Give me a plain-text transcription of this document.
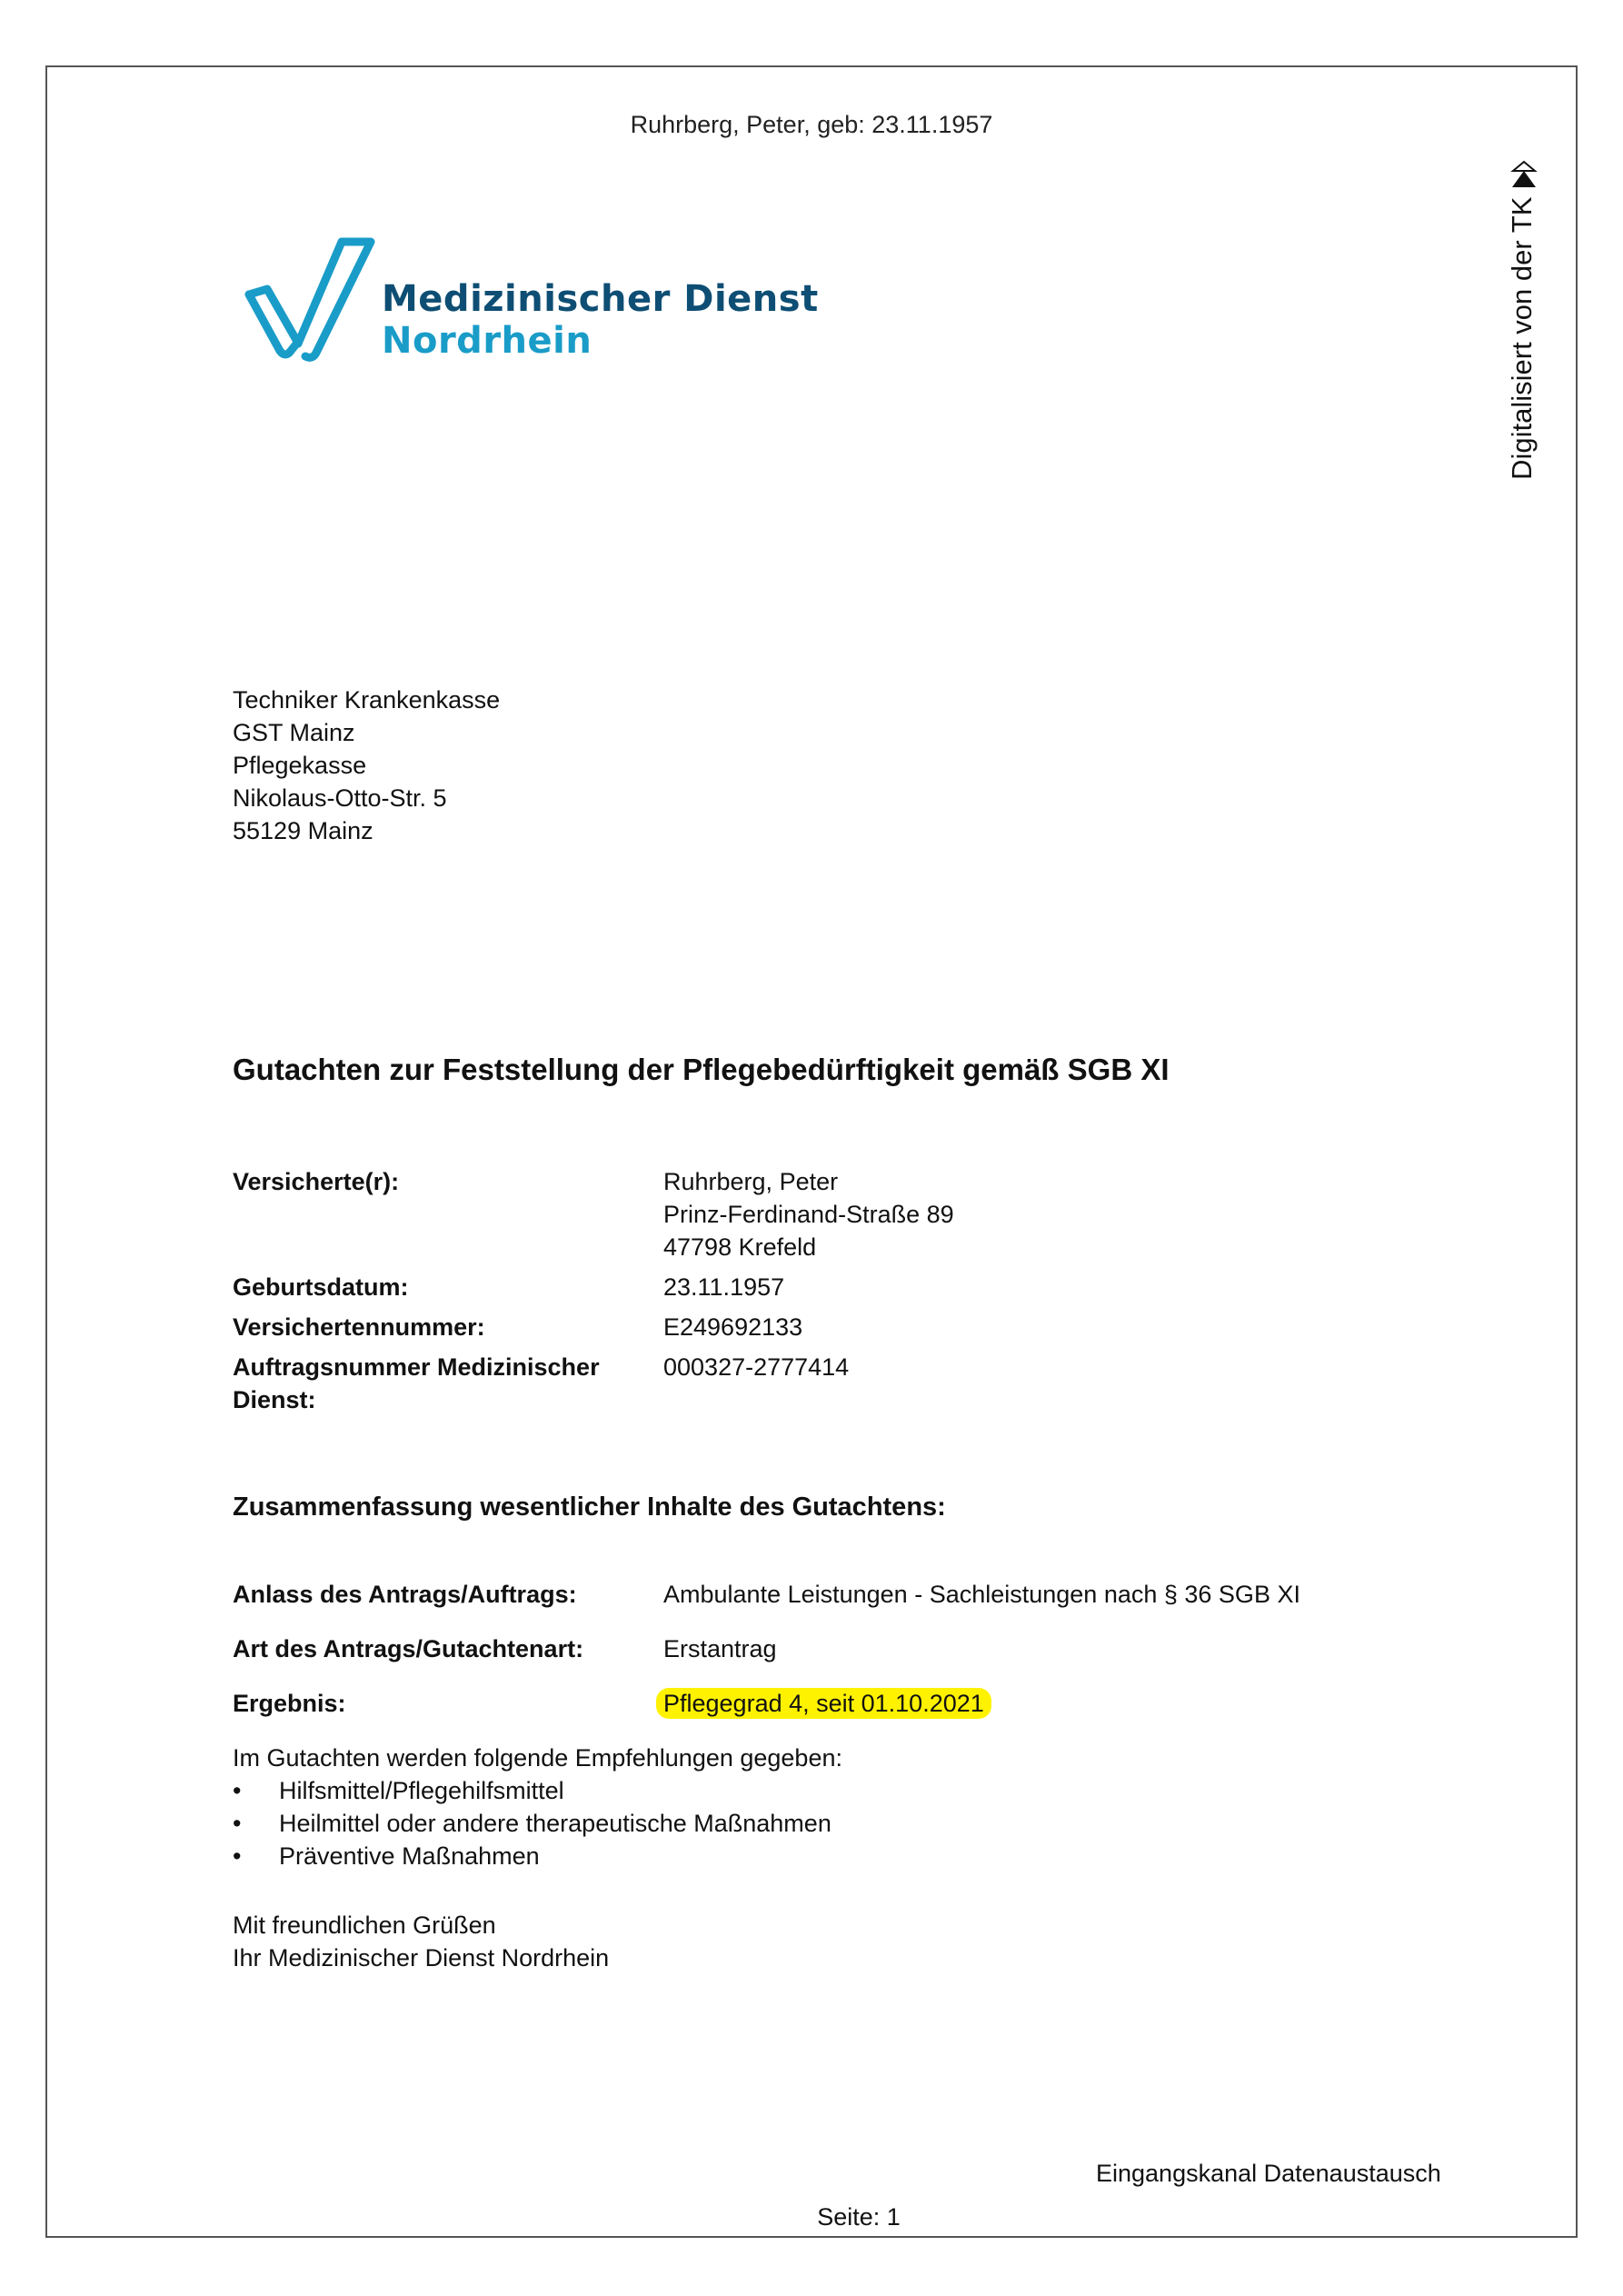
Ruhrberg, Peter, geb: 23.11.1957
Medizinischer Dienst
Nordrhein	Digitalisiert von der TK
Techniker Krankenkasse
GST Mainz
Pflegekasse
Nikolaus-Otto-Str. 5
55129 Mainz
Gutachten zur Feststellung der Pflegebedürftigkeit gemäß SGB XI
Versicherte(r):	Ruhrberg, Peter
Prinz-Ferdinand-Straße 89
47798 Krefeld
Geburtsdatum:	23.11.1957
Versichertennummer:	E249692133
Auftragsnummer Medizinischer Dienst:
000327-2777414
Zusammenfassung wesentlicher Inhalte des Gutachtens:
Anlass des Antrags/Auftrags:	Ambulante Leistungen - Sachleistungen nach § 36 SGB XI
Art des Antrags/Gutachtenart:	Erstantrag
Ergebnis:	Pflegegrad 4, seit 01.10.2021
Im Gutachten werden folgende Empfehlungen gegeben:
• Hilfsmittel/Pflegehilfsmittel
• Heilmittel oder andere therapeutische Maßnahmen
• Präventive Maßnahmen
Mit freundlichen Grüßen
Ihr Medizinischer Dienst Nordrhein
Eingangskanal Datenaustausch
Seite: 1
